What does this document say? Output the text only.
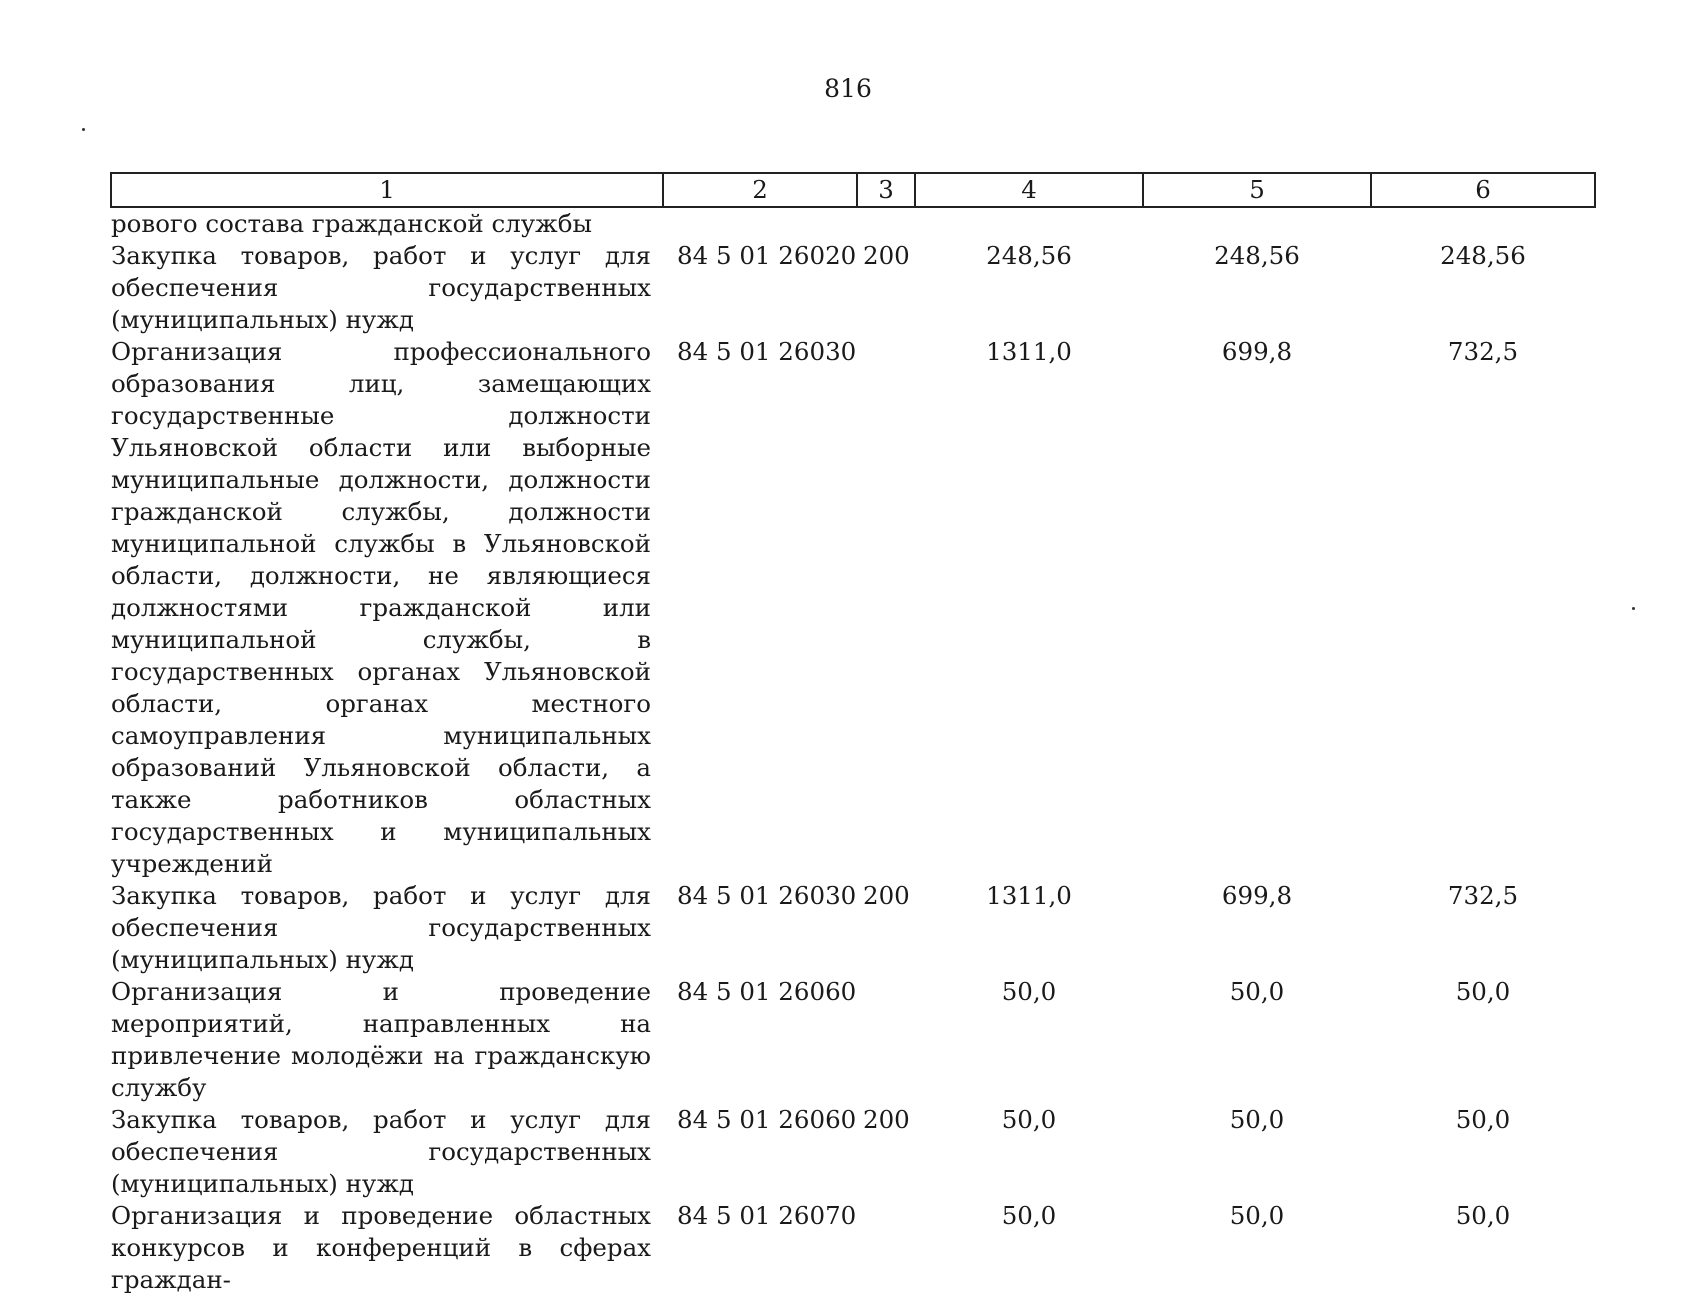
816
1	2	3	4	5	6
рового состава гражданской службы					
Закупка товаров, работ и услуг для обеспечения государственных (муниципальных) нужд	84 5 01 26020	200	248,56	248,56	248,56
Организация профессионального образования лиц, замещающих государственные должности Ульяновской области или выборные муниципальные должности, должности гражданской службы, должности муниципальной службы в Ульяновской области, должности, не являющиеся должностями гражданской или муниципальной службы, в государственных органах Ульяновской области, органах местного самоуправления муниципальных образований Ульяновской области, а также работников областных государственных и муниципальных учреждений	84 5 01 26030		1311,0	699,8	732,5
Закупка товаров, работ и услуг для обеспечения государственных (муниципальных) нужд	84 5 01 26030	200	1311,0	699,8	732,5
Организация и проведение мероприятий, направленных на привлечение молодёжи на гражданскую службу	84 5 01 26060		50,0	50,0	50,0
Закупка товаров, работ и услуг для обеспечения государственных (муниципальных) нужд	84 5 01 26060	200	50,0	50,0	50,0
Организация и проведение областных конкурсов и конференций в сферах граждан-	84 5 01 26070		50,0	50,0	50,0
